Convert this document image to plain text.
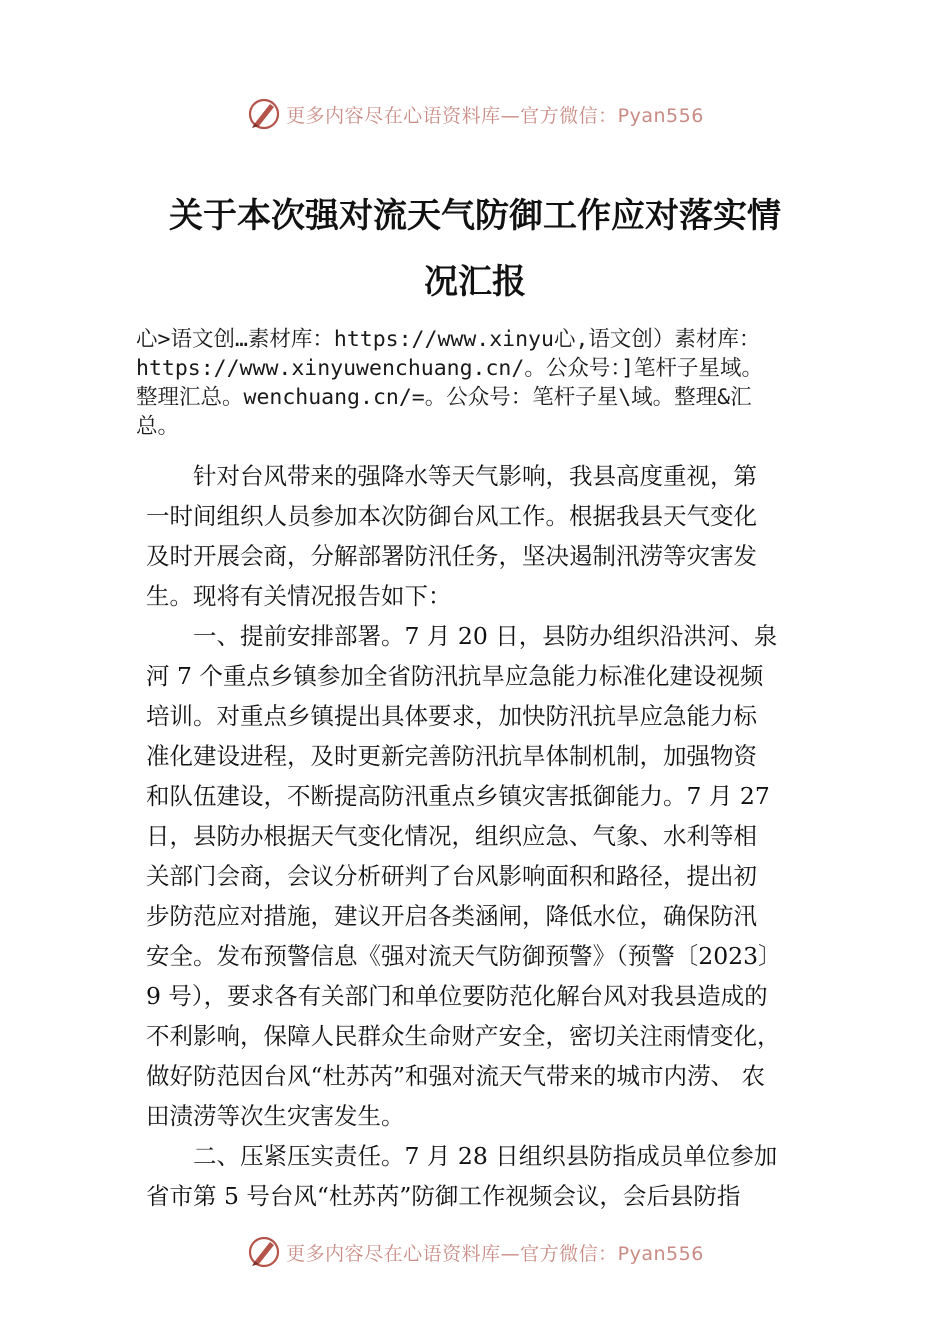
更多内容尽在心语资料库—官方微信：Pyan556
关于本次强对流天气防御工作应对落实情
况汇报
心>语文创…素材库：https://www.xinyu心,语文创）素材库：
https://www.xinyuwenchuang.cn/。公众号：]笔杆子星域。
整理汇总。wenchuang.cn/=。公众号：笔杆子星\域。整理&汇
总。
　　针对台风带来的强降水等天气影响，我县高度重视，第
一时间组织人员参加本次防御台风工作。根据我县天气变化
及时开展会商，分解部署防汛任务，坚决遏制汛涝等灾害发
生。现将有关情况报告如下：
　　一、提前安排部署。7 月 20 日，县防办组织沿洪河、泉
河 7 个重点乡镇参加全省防汛抗旱应急能力标准化建设视频
培训。对重点乡镇提出具体要求，加快防汛抗旱应急能力标
准化建设进程，及时更新完善防汛抗旱体制机制，加强物资
和队伍建设，不断提高防汛重点乡镇灾害抵御能力。7 月 27
日，县防办根据天气变化情况，组织应急、气象、水利等相
关部门会商，会议分析研判了台风影响面积和路径，提出初
步防范应对措施，建议开启各类涵闸，降低水位，确保防汛
安全。发布预警信息《强对流天气防御预警》（预警〔2023〕
9 号），要求各有关部门和单位要防范化解台风对我县造成的
不利影响，保障人民群众生命财产安全，密切关注雨情变化，
做好防范因台风“杜苏芮”和强对流天气带来的城市内涝、 农
田渍涝等次生灾害发生。
　　二、压紧压实责任。7 月 28 日组织县防指成员单位参加
省市第 5 号台风“杜苏芮”防御工作视频会议，会后县防指
更多内容尽在心语资料库—官方微信：Pyan556
